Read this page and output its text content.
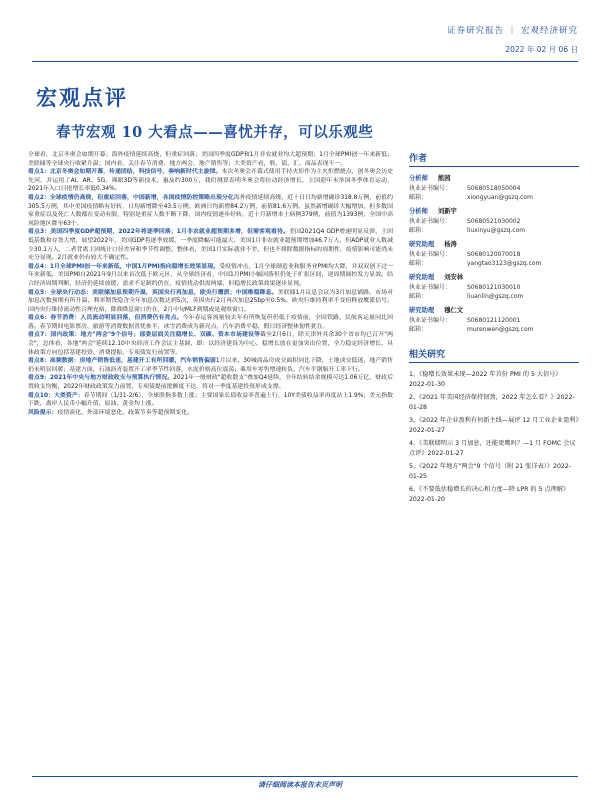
证券研究报告 ｜ 宏观经济研究
2022 年 02 月 06 日
宏观点评
春节宏观 10 大看点——喜忧并存，可以乐观些

全球看，北京冬奥会如期开幕；海外疫情延续高烧，但重症回落；美国四季度GDP和1月非农就业均大超预期；1月全球PMI创一年来新低；美联储等全球央行收紧升温；国内看，关注春节消费、地方两会、地产销售等；大类资产看，股、债、汇、商品表现不一。

看点1：北京冬奥会如期开幕，传递团结，科技信号，奏响新时代主旋律。本次冬奥会开幕式使用手持火炬作为主火炬燃烧点，创冬奥会历史先河，并运用了AI、AR、5G、裸眼3D等新技术。惠及约300万，我们测算表明冬奥会将拉动经济增长，主国迎年末举国冬季体育运动，2021年入口日抢增长率低0.34%。

看点2：全球疫情仍高烧，但重症回落，中国新增，各国疫情防控策略出现分化海外疫情延续高烧，近十日日均新增确诊318.8万例，前值约305.5万例，其中美国疫情略有好转，日均新增降至43.5万例；欧洲日均新增84.2万例，前值81.6万例。虽然新增确诊大幅增加，但多数国家重症以及死亡人数都在变动有限，特别是重症人数不断下降，国内疫情逐步好转，近十月新增本土病例379例，前值为1393例；全国中高风险地区降至63个。

看点3：美国四季度GDP超预期，2022年将逐季回落；1月非农就业超预期多增，但需客观看待。美国2021Q4 GDP增速明显反弹，主因低基数和存货大增，展望2022年，美国GDP将逐季放缓，一季度降幅可能最大，美国1月非农就业超预期增加46.7万人，但ADP就业人数减少30.1万人，二者背离主因统计口径差异和季节性调整。整体看，美国1月实际就业不差，但也不排除数据指标的周期性，疫情影响可能尚未充分显现。2月就业仍有较大不确定性。

看点4：1月全球PMI创一年来新低，中国1月PMI指向稳增长效果显现。受疫情冲击，1月全球制造业和服务业PMI均大降，并双双创下过一年来新低，美国PMI自2021年9月以来首次低于欧元区，从全球经济看，中国1月PMI小幅回落但仍处于扩张区间，逆周期调控发力显效。结合经济周期判断，经济仍延续放缓，需求不足制约仍在，疫情扰动供需两端，但稳增长政策效果逐步显现。

看点5：全球央行动态：美联储加息预期升温，英国央行再加息，欧央行鹰派；中国维稳降息。美联储1月议息会议为3月加息铺路，市场对加息次数预期有所升温，利率期货隐含全年加息次数达到5次，英国央行2月再次加息25bp至0.5%，欧央行维持利率不变但释放鹰派信号。国内央行维持流动性合理充裕，降准降息窗口仍在，2月中旬MLF到期或是观察窗口。

看点6：春节消费：人员流动明显回落，但消费仍有亮点。今年春运客流量较去年有所恢复但仍低于疫情前，全国铁路、民航客运量同比回落。春节期间电影票房、旅游等消费数据喜忧参半，冰雪消费成为新亮点，汽车消费平稳，假日经济整体韧性犹在。

看点7：国内政策：地方"两会"9个信号；部委层面关注稳增长、双碳、资本市场建设等截至2月6日，除天津外其余30个省市均已召开"两会"，总体看，各地"两会"延续12.10中央经济工作会议主基调，即：以经济建设为中心，稳增长放在更加突出位置，全力稳定经济增长，具体政策方向包括基建投资、消费提振、专项债发行前置等。

看点8：高频数据：房地产销售低迷，基建开工有所回暖，汽车销售偏弱1月以来，30城商品房成交面积同比下降，土地成交低迷，地产销售仍未明显回暖；基建方面，石油沥青装置开工率季节性回落，水泥价格高位震荡；乘用车零售增速转负，汽车半钢胎开工率下行。

看点9：2021年中央与地方财政收支与预算执行情况。2021年一般财政"超收散支"叠加Q4延续，全年结转结余规模可达1.06万亿，财政后置收支均衡，2022年财政政策发力前置，专项债提前批额度下达，将对一季度基建投资形成支撑。

看点10：大类资产：春节期间（1/31-2/6），全球股指多数上涨；主要国家长债收益率普遍上行，10Y美债收益率再度站上1.9%；美元指数下跌，离岸人民币小幅升值，原油、黄金均上涨。

风险提示：疫情演化、外部环境恶化、政策节奏等超预期变化。

作者
分析师 熊园
执业证书编号：	S0680518050004
邮箱：	xiongyuan@gszq.com
分析师 刘新宇
执业证书编号：	S0680521030002
邮箱：	liuxinyu@gszq.com
研究助理 杨涛
执业证书编号：	S0680120070018
邮箱：	yangtao3123@gszq.com
研究助理 刘安林
执业证书编号：	S0680121030010
邮箱：	liuanlin@gszq.com
研究助理 穆仁文
执业证书编号：	S0680121120001
邮箱：	murenwen@gszq.com
相关研究
1、《稳增长效果未现—2022 年首份 PMI 的 5 大信号》2022-01-30
2、《2021 年美国经济保持韧劲，2022 年怎么看？》2022-01-28
3、《2022 年企业盈利有何新主线—展评 12 月工业企业盈利》2022-01-27
4、《美联储明示 3 月加息，还能更鹰吗？—1 月 FOMC 会议点评》2022-01-27
5、《2022 年地方"两会"9 个信号（附 21 张详表）》2022-01-25
6、《不要低估稳增长的决心和力度—降 LPR 的 5 点理解》2022-01-20
请仔细阅读本报告末页声明
